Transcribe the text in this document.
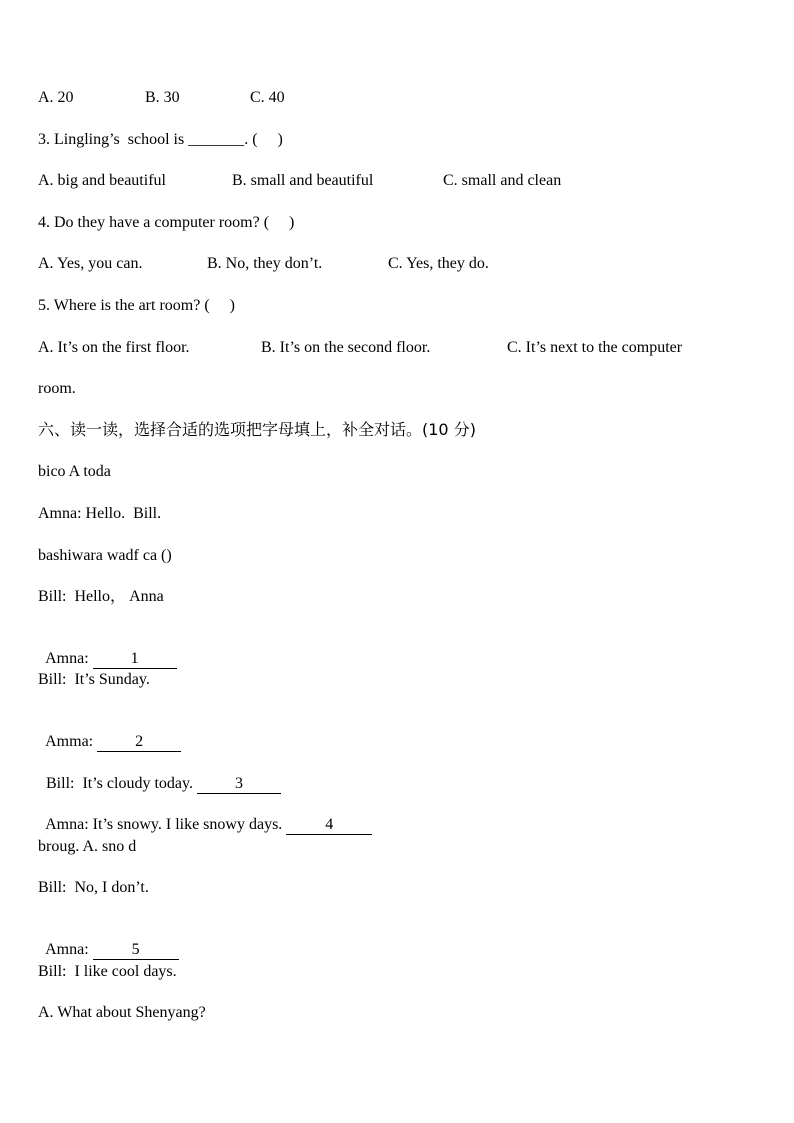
A. 20	B. 30	C. 40
3. Lingling’s  school is _______. (     )
A. big and beautiful	B. small and beautiful	C. small and clean
4. Do they have a computer room? (     )
A. Yes, you can.	B. No, they don’t.	C. Yes, they do.
5. Where is the art room? (     )
A. It’s on the first floor.	B. It’s on the second floor.	C. It’s next to the computer
room.
六、读一读，选择合适的选项把字母填上，补全对话。(10 分)
bico A toda
Amna: Hello.  Bill.
bashiwara wadf ca ()
Bill:  Hello， Anna

Amna: 1

Bill:  It’s Sunday.

Amma: 2

Bill:  It’s cloudy today. 3

Amna: It’s snowy. I like snowy days. 4

broug. A. sno d
Bill:  No, I don’t.

Amna: 5

Bill:  I like cool days.
A. What about Shenyang?
